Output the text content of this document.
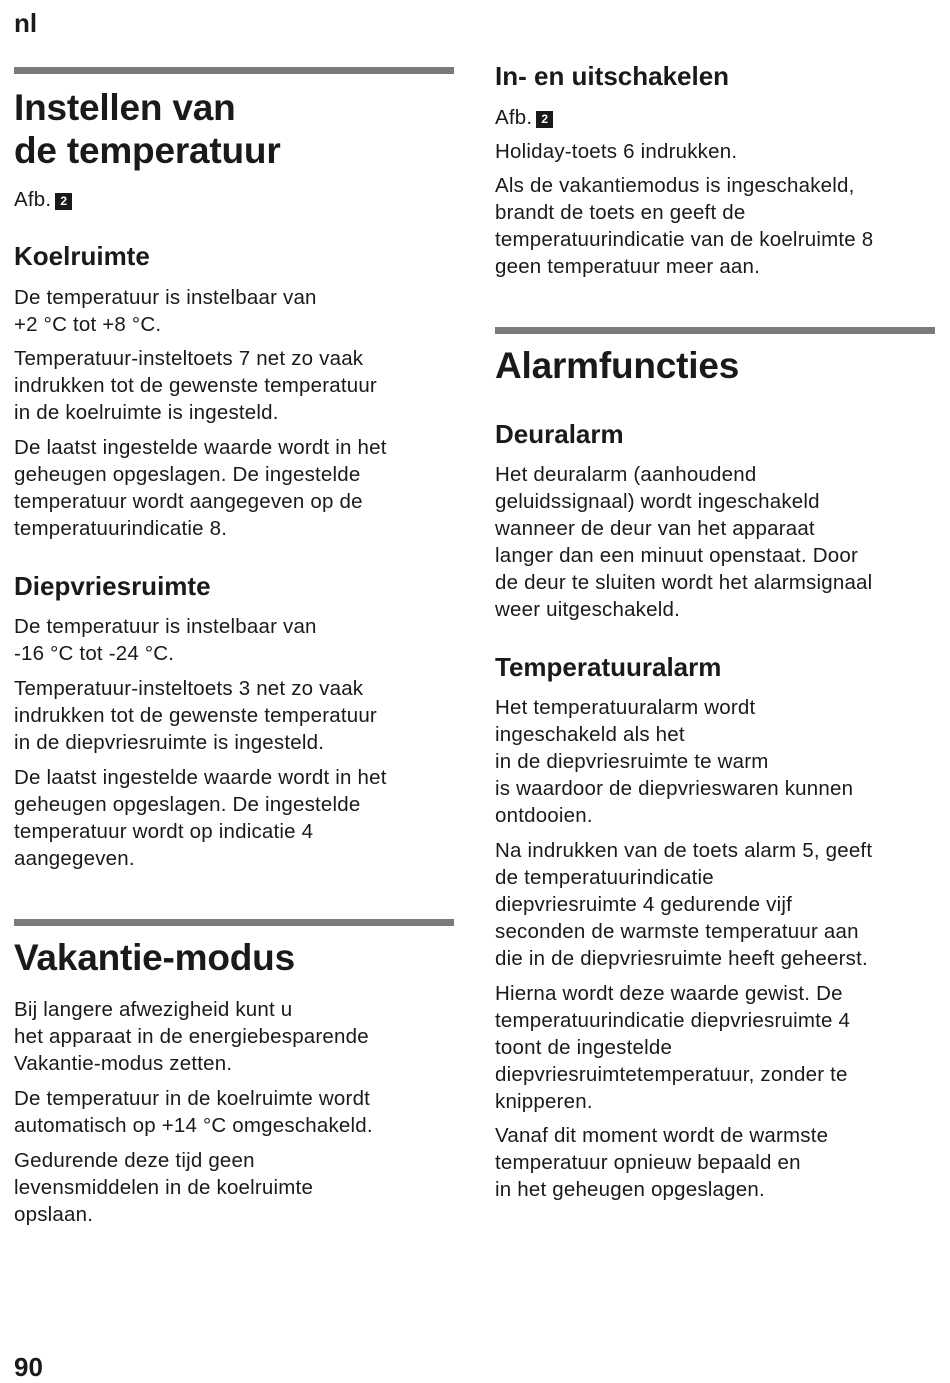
nl
Instellen van
de temperatuur

Afb. 2

Koelruimte

De temperatuur is instelbaar van
+2 °C tot +8 °C.

Temperatuur-insteltoets 7 net zo vaak
indrukken tot de gewenste temperatuur
in de koelruimte is ingesteld.

De laatst ingestelde waarde wordt in het
geheugen opgeslagen. De ingestelde
temperatuur wordt aangegeven op de
temperatuurindicatie 8.

Diepvriesruimte

De temperatuur is instelbaar van
-16 °C tot -24 °C.

Temperatuur-insteltoets 3 net zo vaak
indrukken tot de gewenste temperatuur
in de diepvriesruimte is ingesteld.

De laatst ingestelde waarde wordt in het
geheugen opgeslagen. De ingestelde
temperatuur wordt op indicatie 4
aangegeven.

Vakantie-modus

Bij langere afwezigheid kunt u
het apparaat in de energiebesparende
Vakantie-modus zetten.

De temperatuur in de koelruimte wordt
automatisch op +14 °C omgeschakeld.

Gedurende deze tijd geen
levensmiddelen in de koelruimte
opslaan.

In- en uitschakelen

Afb. 2

Holiday-toets 6 indrukken.

Als de vakantiemodus is ingeschakeld,
brandt de toets en geeft de
temperatuurindicatie van de koelruimte 8
geen temperatuur meer aan.

Alarmfuncties
Deuralarm

Het deuralarm (aanhoudend
geluidssignaal) wordt ingeschakeld
wanneer de deur van het apparaat
langer dan een minuut openstaat. Door
de deur te sluiten wordt het alarmsignaal
weer uitgeschakeld.

Temperatuuralarm

Het temperatuuralarm wordt
ingeschakeld als het
in de diepvriesruimte te warm
is waardoor de diepvrieswaren kunnen
ontdooien.

Na indrukken van de toets alarm 5, geeft
de temperatuurindicatie
diepvriesruimte 4 gedurende vijf
seconden de warmste temperatuur aan
die in de diepvriesruimte heeft geheerst.

Hierna wordt deze waarde gewist. De
temperatuurindicatie diepvriesruimte 4
toont de ingestelde
diepvriesruimtetemperatuur, zonder te
knipperen.

Vanaf dit moment wordt de warmste
temperatuur opnieuw bepaald en
in het geheugen opgeslagen.

90
